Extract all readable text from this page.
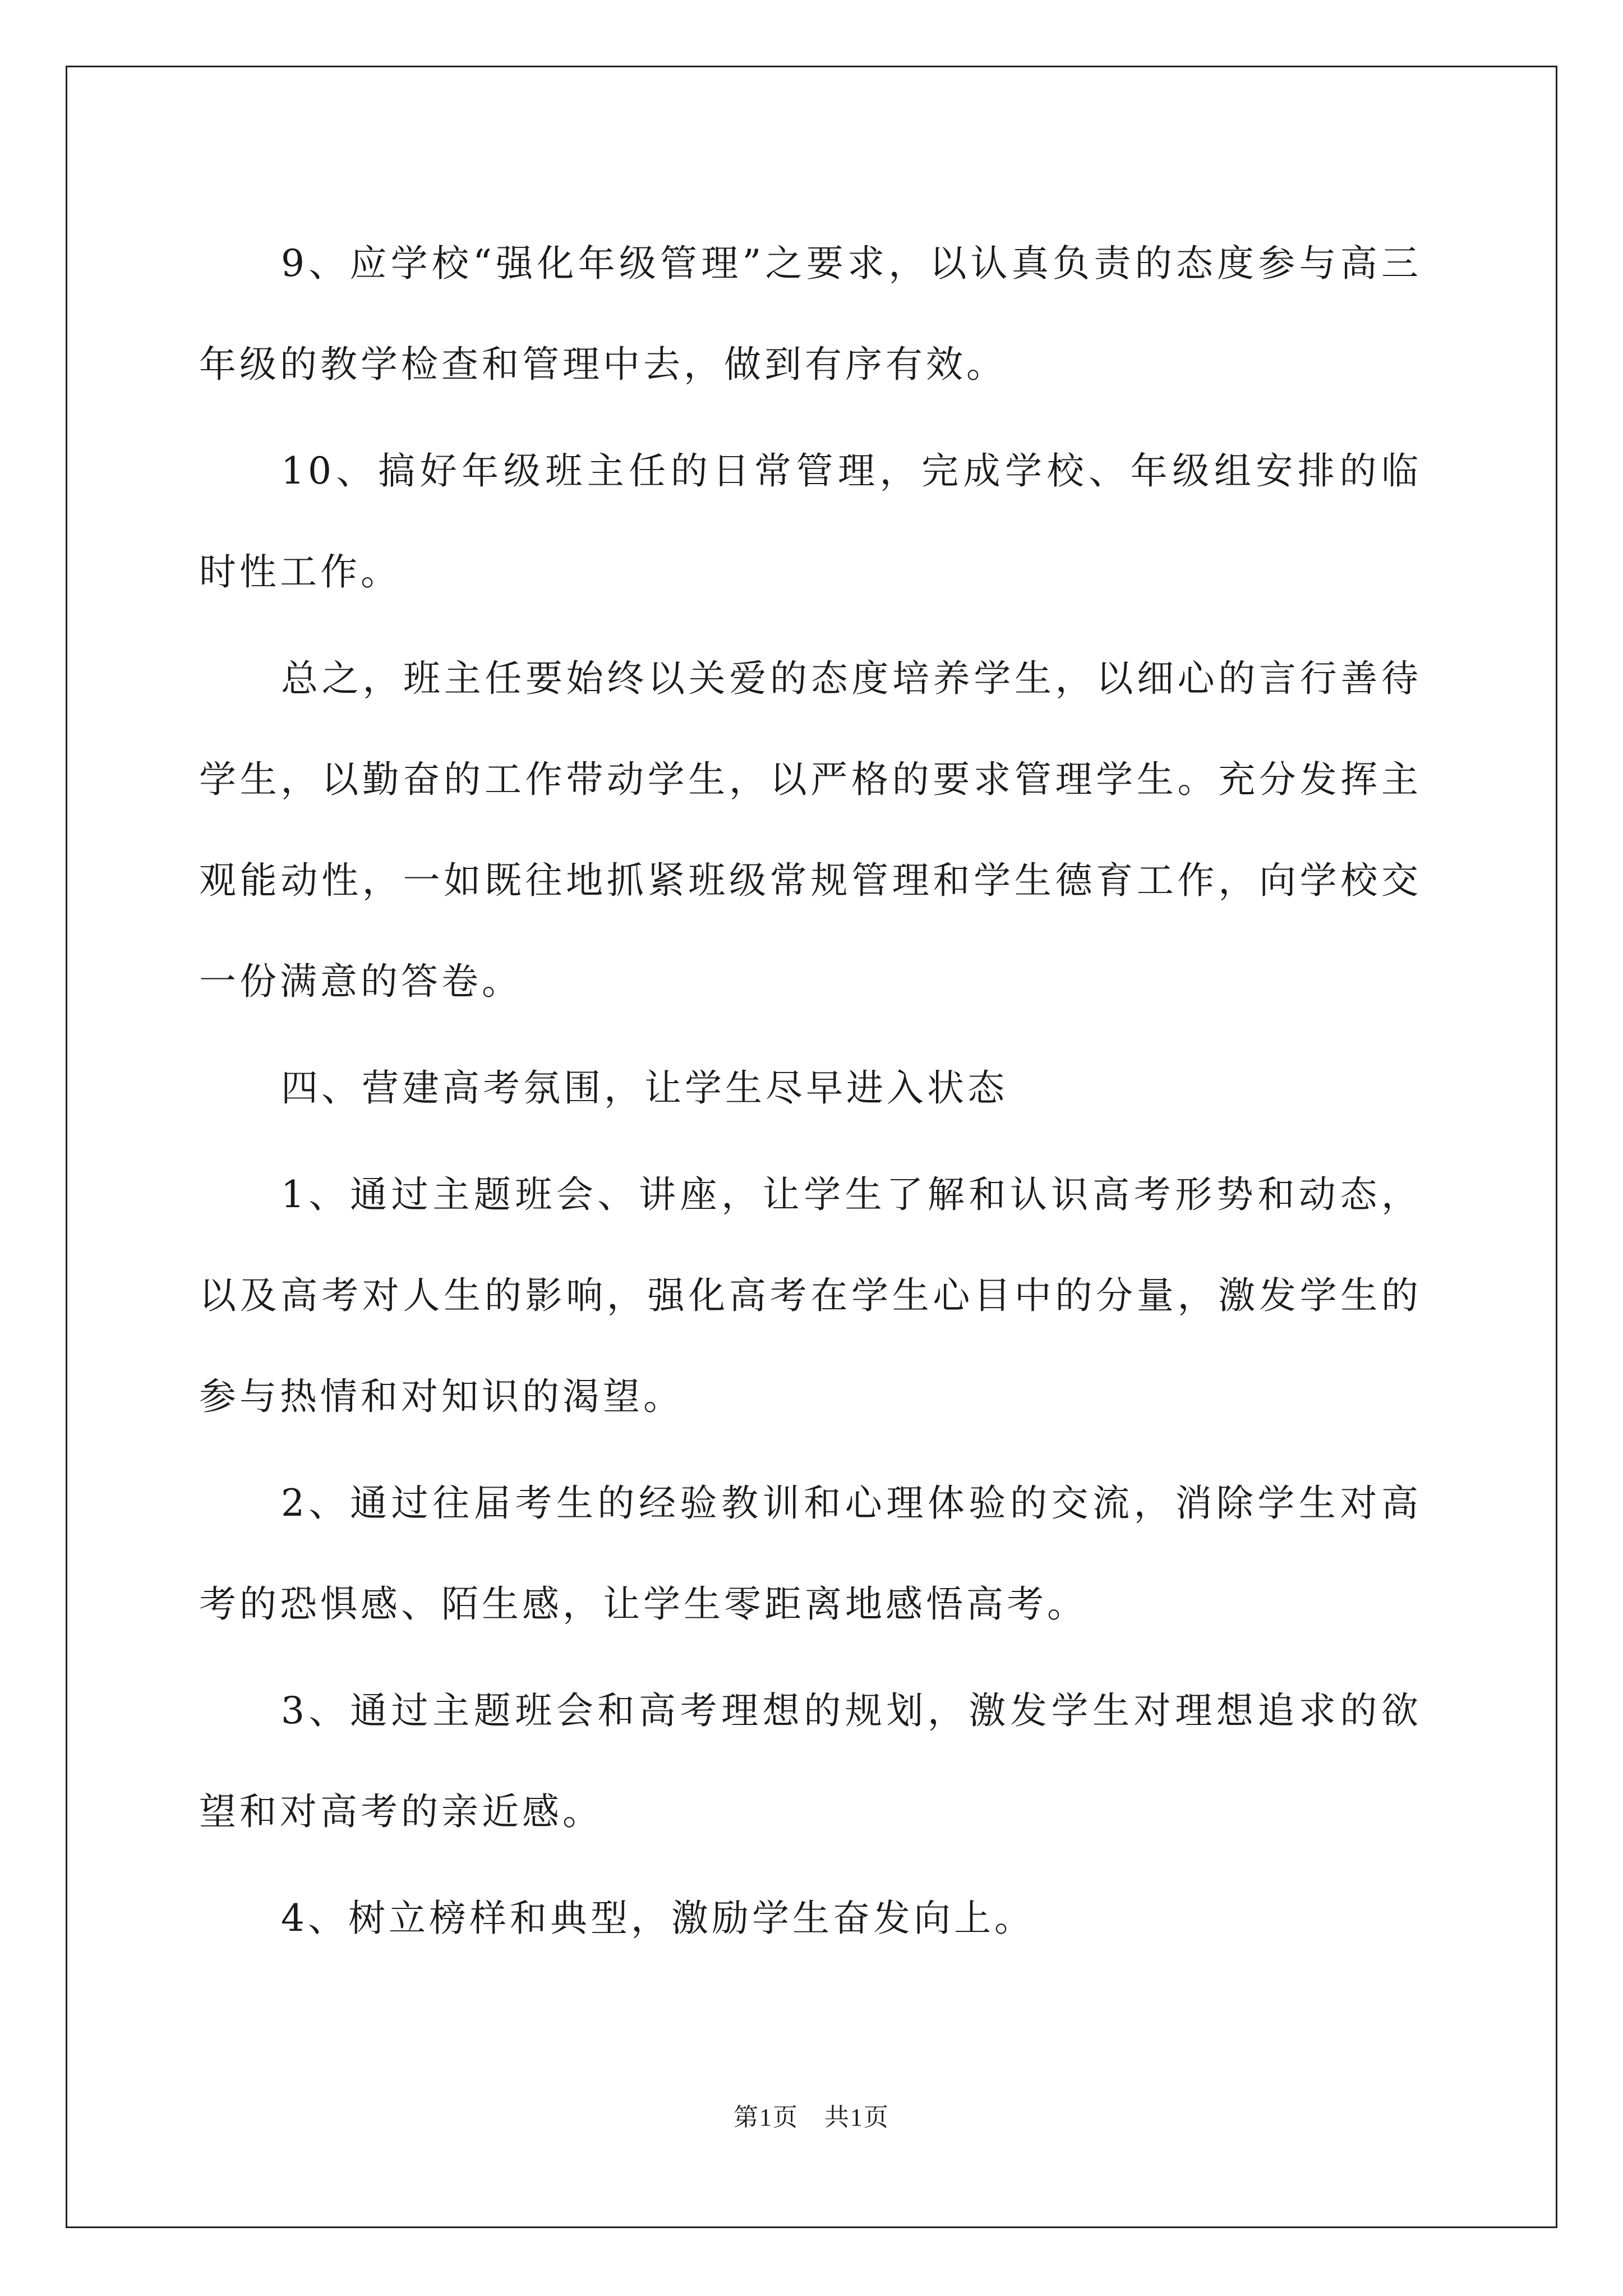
9、应学校“强化年级管理”之要求，以认真负责的态度参与高三年级的教学检查和管理中去，做到有序有效。

10、搞好年级班主任的日常管理，完成学校、年级组安排的临时性工作。

总之，班主任要始终以关爱的态度培养学生，以细心的言行善待学生，以勤奋的工作带动学生，以严格的要求管理学生。充分发挥主观能动性，一如既往地抓紧班级常规管理和学生德育工作，向学校交一份满意的答卷。

四、营建高考氛围，让学生尽早进入状态

1、通过主题班会、讲座，让学生了解和认识高考形势和动态，以及高考对人生的影响，强化高考在学生心目中的分量，激发学生的参与热情和对知识的渴望。

2、通过往届考生的经验教训和心理体验的交流，消除学生对高考的恐惧感、陌生感，让学生零距离地感悟高考。

3、通过主题班会和高考理想的规划，激发学生对理想追求的欲望和对高考的亲近感。

4、树立榜样和典型，激励学生奋发向上。

第1页　共1页
